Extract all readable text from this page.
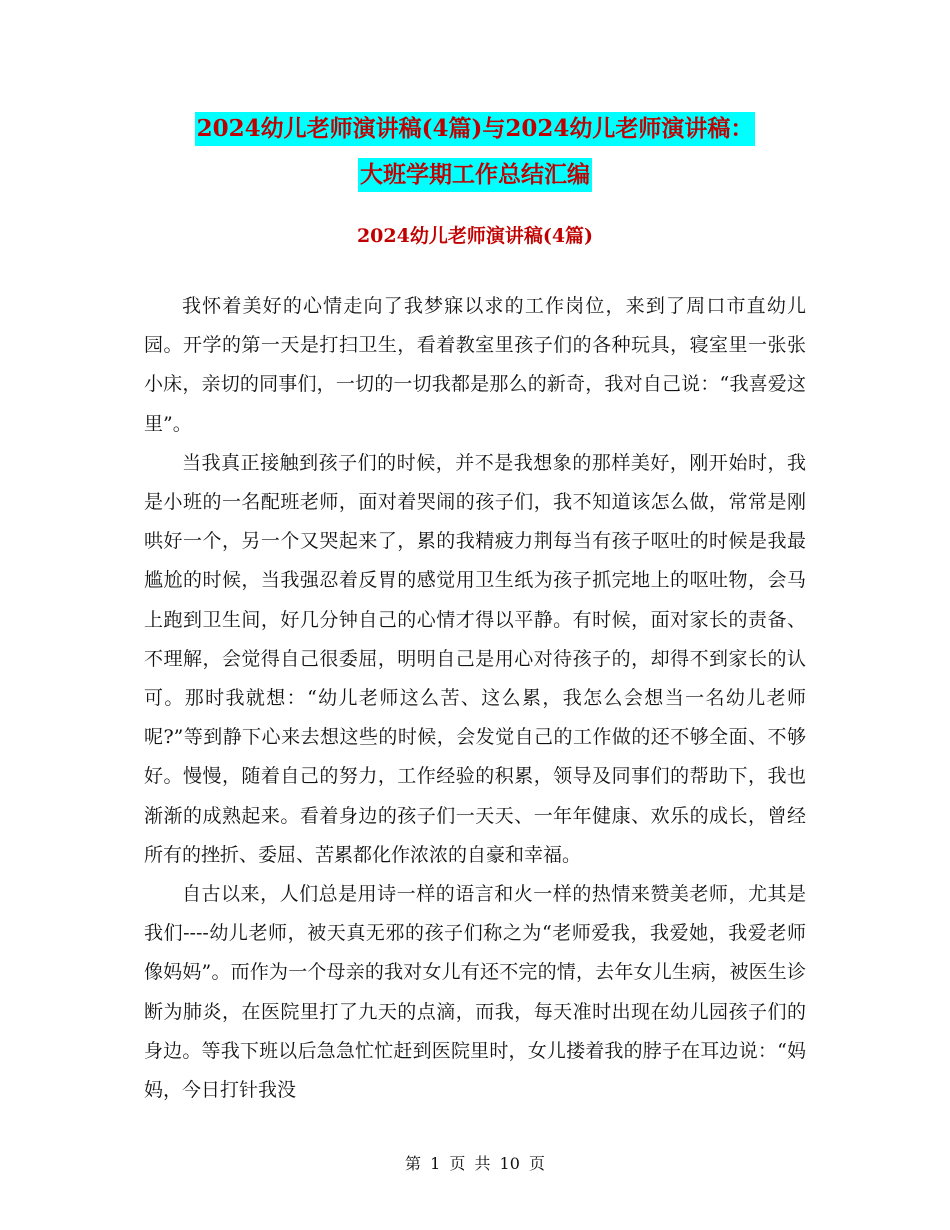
2024幼儿老师演讲稿(4篇)与2024幼儿老师演讲稿：
大班学期工作总结汇编
2024幼儿老师演讲稿(4篇)

我怀着美好的心情走向了我梦寐以求的工作岗位，来到了周口市直幼儿园。开学的第一天是打扫卫生，看着教室里孩子们的各种玩具，寝室里一张张小床，亲切的同事们，一切的一切我都是那么的新奇，我对自己说：“我喜爱这里”。

当我真正接触到孩子们的时候，并不是我想象的那样美好，刚开始时，我是小班的一名配班老师，面对着哭闹的孩子们，我不知道该怎么做，常常是刚哄好一个，另一个又哭起来了，累的我精疲力荆每当有孩子呕吐的时候是我最尴尬的时候，当我强忍着反胃的感觉用卫生纸为孩子抓完地上的呕吐物，会马上跑到卫生间，好几分钟自己的心情才得以平静。有时候，面对家长的责备、不理解，会觉得自己很委屈，明明自己是用心对待孩子的，却得不到家长的认可。那时我就想：“幼儿老师这么苦、这么累，我怎么会想当一名幼儿老师呢?”等到静下心来去想这些的时候，会发觉自己的工作做的还不够全面、不够好。慢慢，随着自己的努力，工作经验的积累，领导及同事们的帮助下，我也渐渐的成熟起来。看着身边的孩子们一天天、一年年健康、欢乐的成长，曾经所有的挫折、委屈、苦累都化作浓浓的自豪和幸福。

自古以来，人们总是用诗一样的语言和火一样的热情来赞美老师，尤其是我们----幼儿老师，被天真无邪的孩子们称之为“老师爱我，我爱她，我爱老师像妈妈”。而作为一个母亲的我对女儿有还不完的情，去年女儿生病，被医生诊断为肺炎，在医院里打了九天的点滴，而我，每天准时出现在幼儿园孩子们的身边。等我下班以后急急忙忙赶到医院里时，女儿搂着我的脖子在耳边说：“妈妈，今日打针我没

第 1 页 共 10 页
